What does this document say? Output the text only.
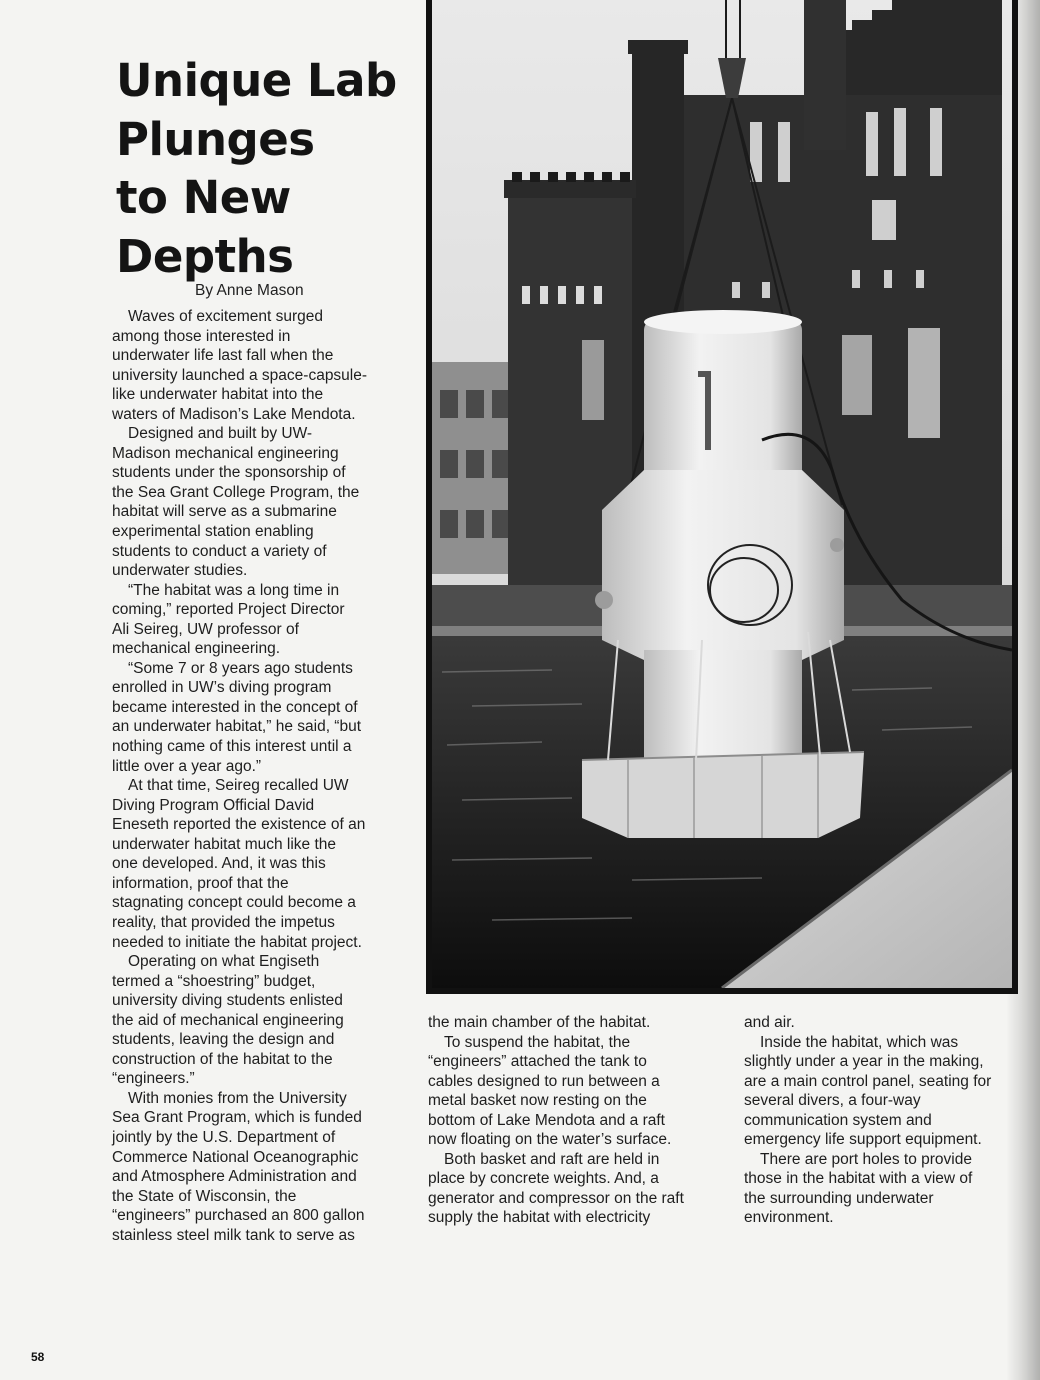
Unique Lab
Plunges
to New
Depths
By Anne Mason
Waves of excitement surged
among those interested in
underwater life last fall when the
university launched a space-capsule-
like underwater habitat into the
waters of Madison’s Lake Mendota.
Designed and built by UW-
Madison mechanical engineering
students under the sponsorship of
the Sea Grant College Program, the
habitat will serve as a submarine
experimental station enabling
students to conduct a variety of
underwater studies.
“The habitat was a long time in
coming,” reported Project Director
Ali Seireg, UW professor of
mechanical engineering.
“Some 7 or 8 years ago students
enrolled in UW’s diving program
became interested in the concept of
an underwater habitat,” he said, “but
nothing came of this interest until a
little over a year ago.”
At that time, Seireg recalled UW
Diving Program Official David
Eneseth reported the existence of an
underwater habitat much like the
one developed. And, it was this
information, proof that the
stagnating concept could become a
reality, that provided the impetus
needed to initiate the habitat project.
Operating on what Engiseth
termed a “shoestring” budget,
university diving students enlisted
the aid of mechanical engineering
students, leaving the design and
construction of the habitat to the
“engineers.”
With monies from the University
Sea Grant Program, which is funded
jointly by the U.S. Department of
Commerce National Oceanographic
and Atmosphere Administration and
the State of Wisconsin, the
“engineers” purchased an 800 gallon
stainless steel milk tank to serve as
the main chamber of the habitat.
To suspend the habitat, the
“engineers” attached the tank to
cables designed to run between a
metal basket now resting on the
bottom of Lake Mendota and a raft
now floating on the water’s surface.
Both basket and raft are held in
place by concrete weights. And, a
generator and compressor on the raft
supply the habitat with electricity
and air.
Inside the habitat, which was
slightly under a year in the making,
are a main control panel, seating for
several divers, a four-way
communication system and
emergency life support equipment.
There are port holes to provide
those in the habitat with a view of
the surrounding underwater
environment.
58
